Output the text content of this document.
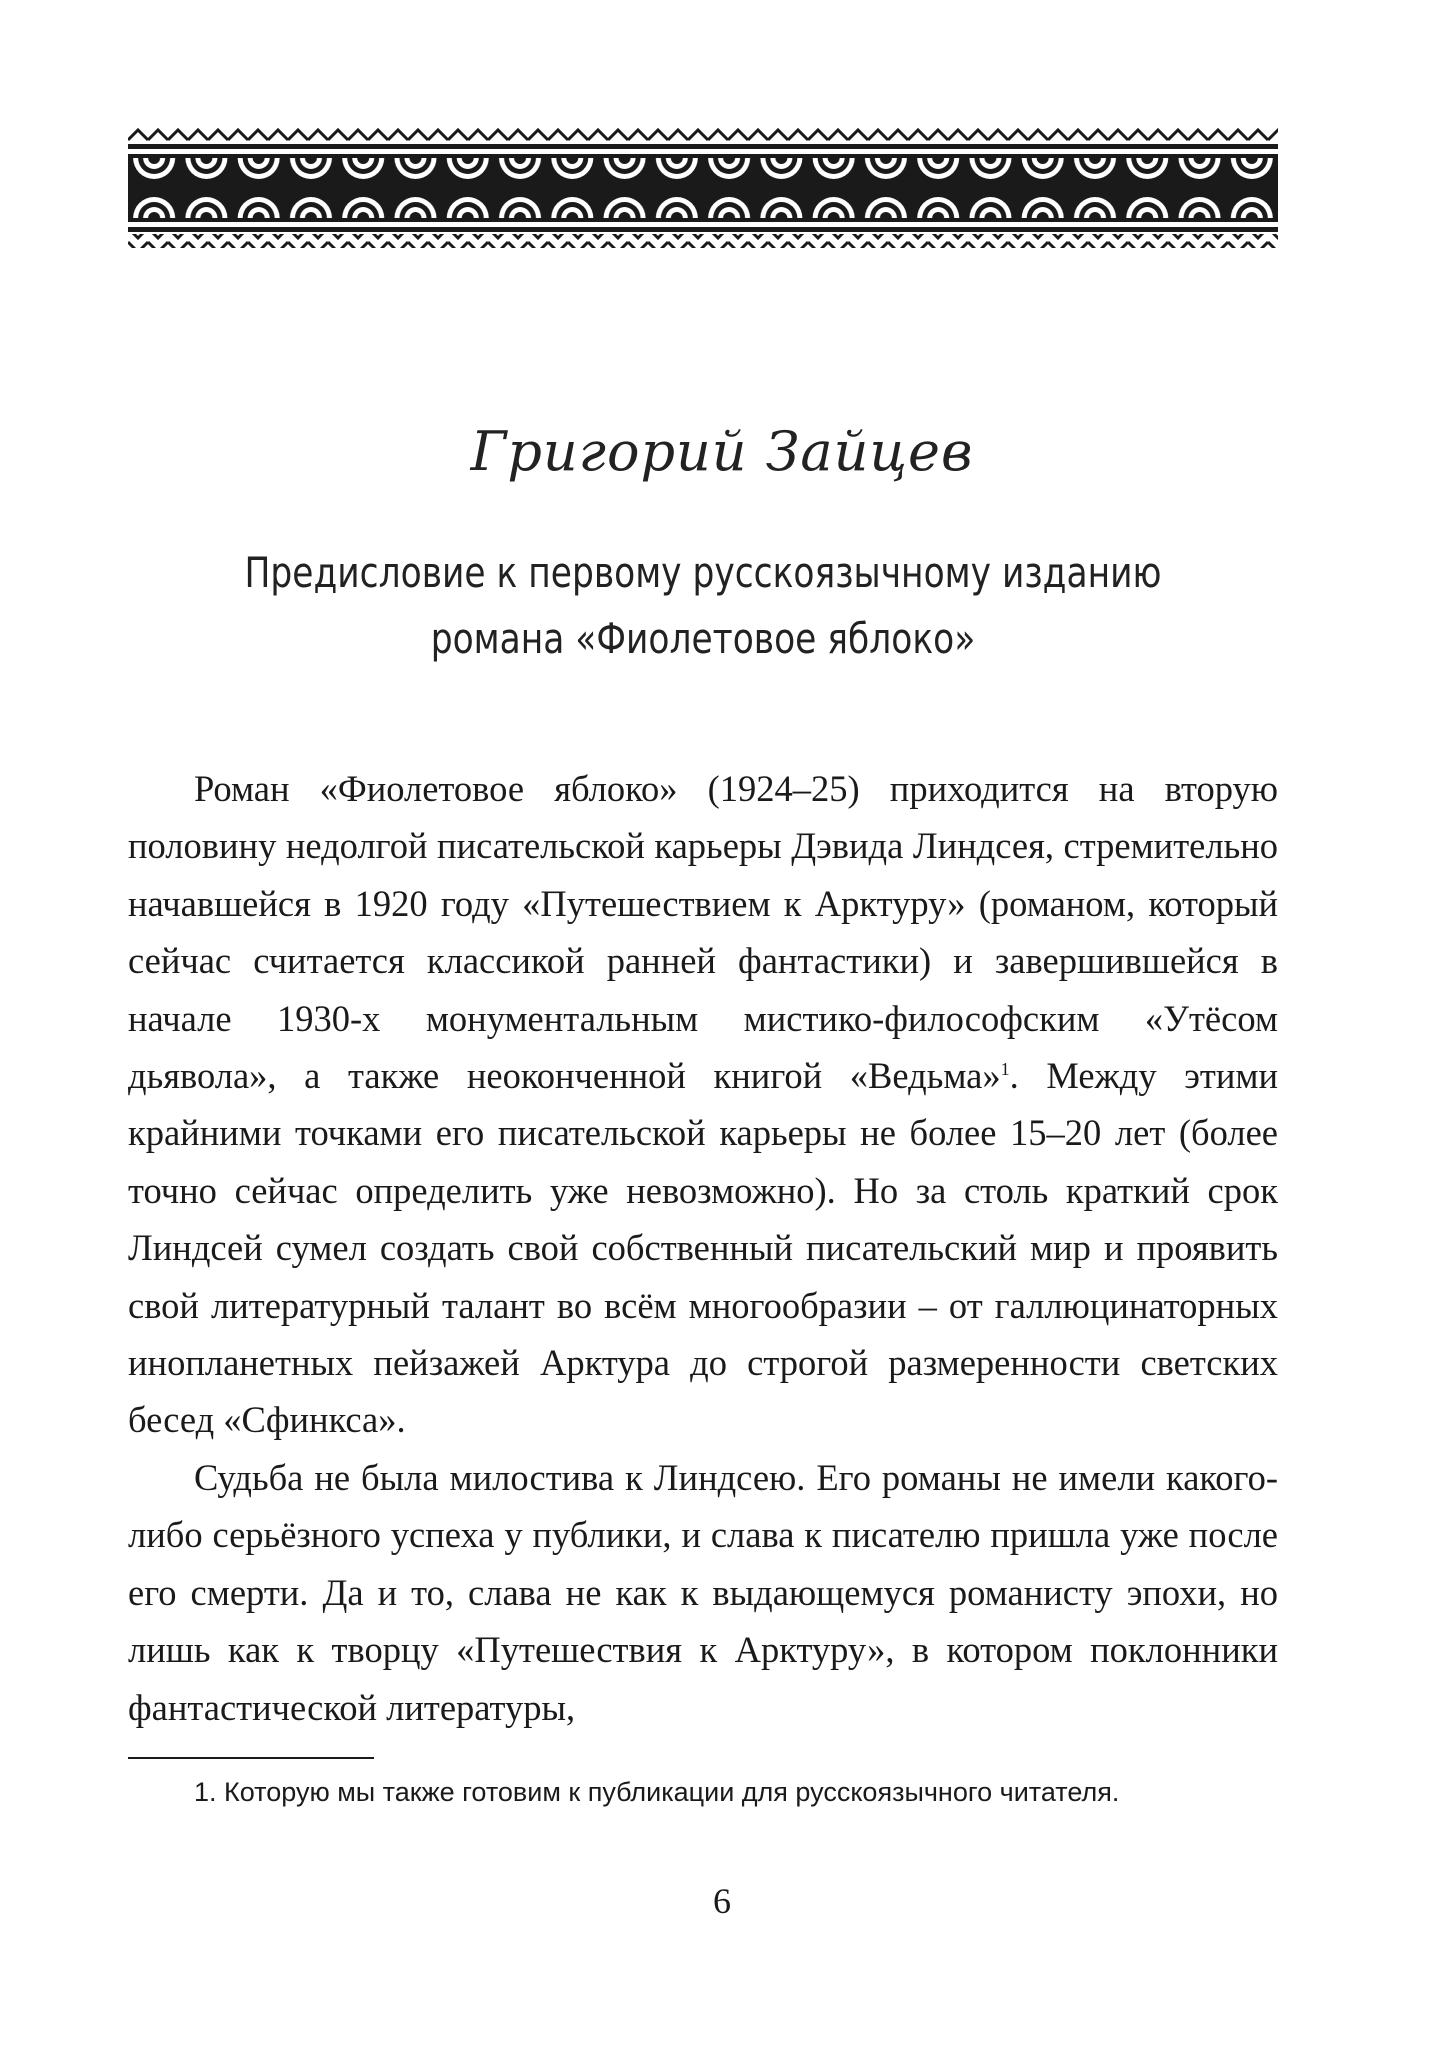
Григорий Зайцев
Предисловие к первому русскоязычному изданию
романа «Фиолетовое яблоко»

Роман «Фиолетовое яблоко» (1924–25) приходится на вторую половину недолгой писательской карьеры Дэвида Линдсея, стремительно начавшейся в 1920 году «Путешествием к Арктуру» (романом, который сейчас считается классикой ранней фантастики) и завершившейся в начале 1930-х монументальным мистико-философским «Утёсом дьявола», а также неоконченной книгой «Ведьма»$^1$. Между этими крайними точками его писательской карьеры не более 15–20 лет (более точно сейчас определить уже невозможно). Но за столь краткий срок Линдсей сумел создать свой собственный писательский мир и проявить свой литературный талант во всём многообразии – от галлюцинаторных инопланетных пейзажей Арктура до строгой размеренности светских бесед «Сфинкса».

Судьба не была милостива к Линдсею. Его романы не имели какого-либо серьёзного успеха у публики, и слава к писателю пришла уже после его смерти. Да и то, слава не как к выдающемуся романисту эпохи, но лишь как к творцу «Путешествия к Арктуру», в котором поклонники фантастической литературы,

1. Которую мы также готовим к публикации для русскоязычного читателя.
6
